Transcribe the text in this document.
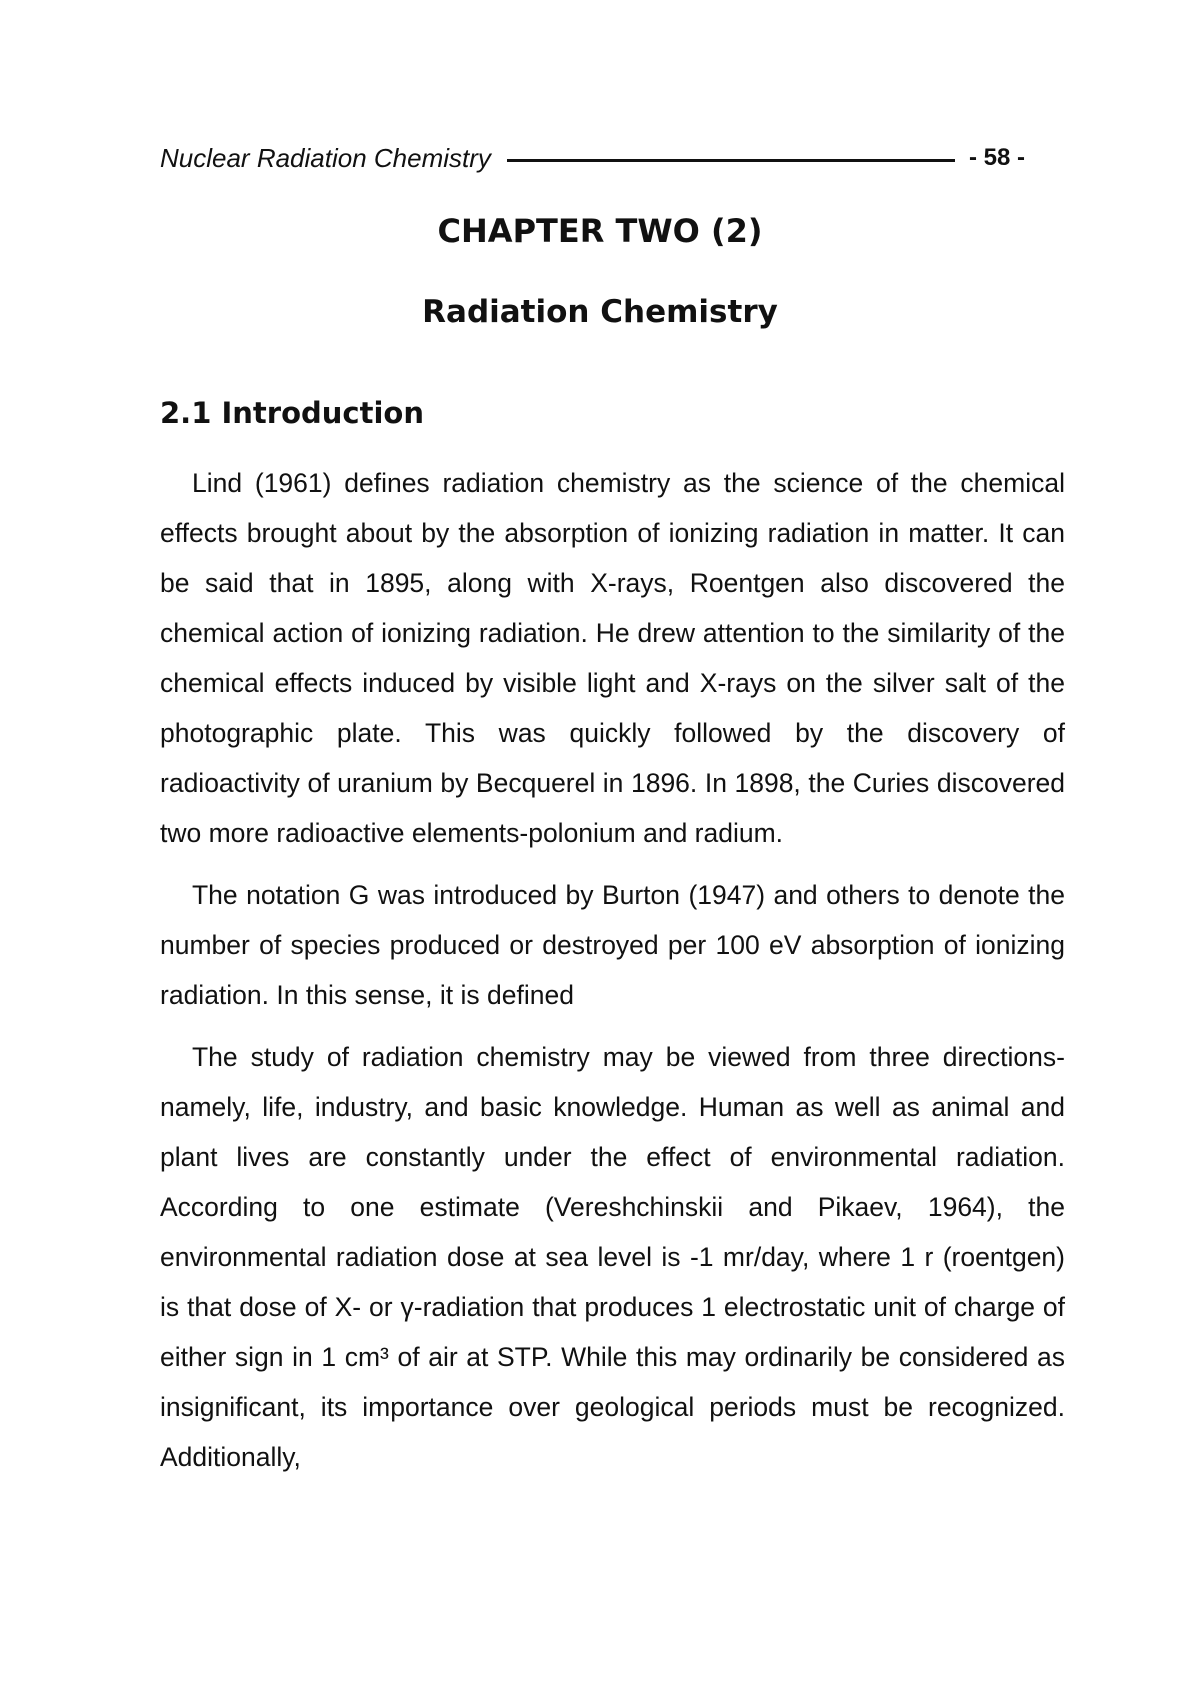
Nuclear Radiation Chemistry	- 58 -
CHAPTER TWO (2)
Radiation Chemistry
2.1 Introduction

Lind (1961) defines radiation chemistry as the science of the chemical effects brought about by the absorption of ionizing radiation in matter. It can be said that in 1895, along with X-rays, Roentgen also discovered the chemical action of ionizing radiation. He drew attention to the similarity of the chemical effects induced by visible light and X-rays on the silver salt of the photographic plate. This was quickly followed by the discovery of radioactivity of uranium by Becquerel in 1896. In 1898, the Curies discovered two more radioactive elements-polonium and radium.

The notation G was introduced by Burton (1947) and others to denote the number of species produced or destroyed per 100 eV absorption of ionizing radiation. In this sense, it is defined

The study of radiation chemistry may be viewed from three directions-namely, life, industry, and basic knowledge. Human as well as animal and plant lives are constantly under the effect of environmental radiation. According to one estimate (Vereshchinskii and Pikaev, 1964), the environmental radiation dose at sea level is -1 mr/day, where 1 r (roentgen) is that dose of X- or γ-radiation that produces 1 electrostatic unit of charge of either sign in 1 cm³ of air at STP. While this may ordinarily be considered as insignificant, its importance over geological periods must be recognized. Additionally,
